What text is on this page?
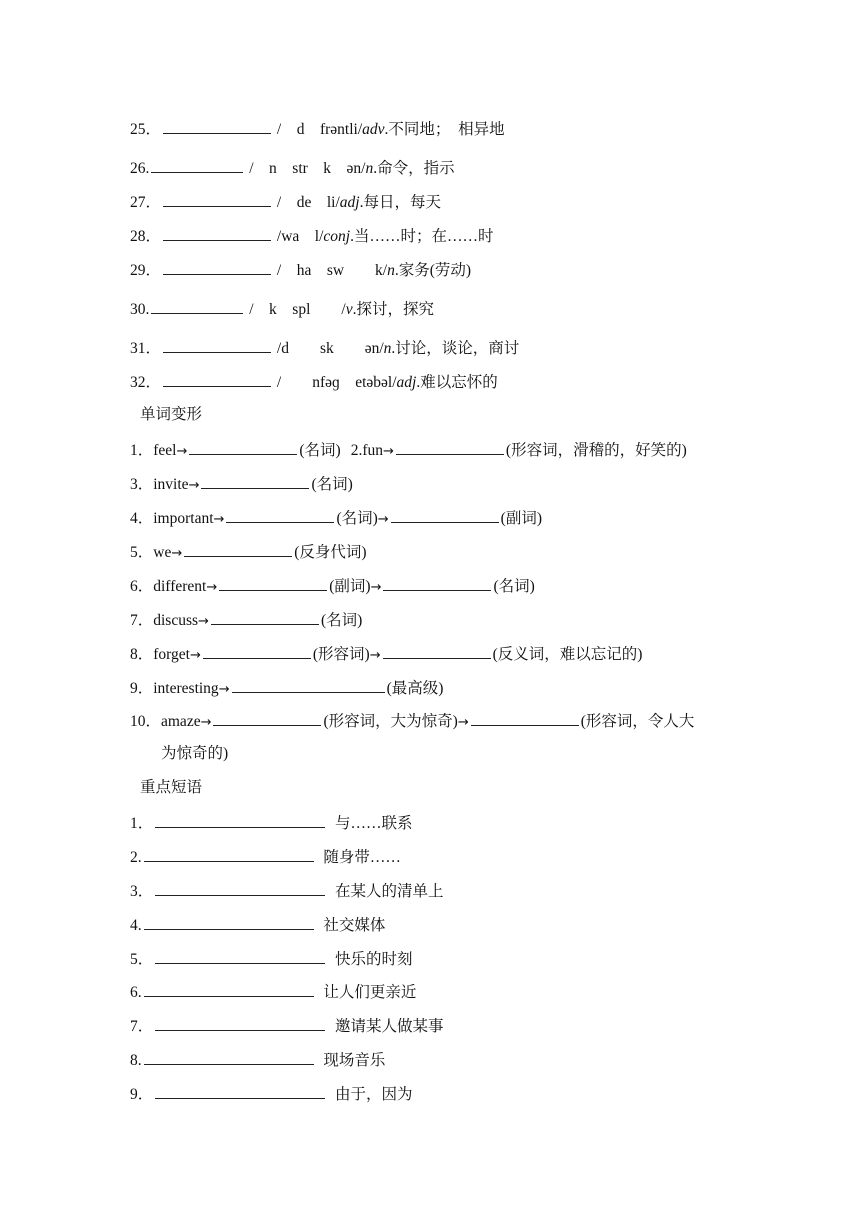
25．	/　d　frəntli/adv.不同地；　相异地
26.	/　n　str　k　ən/n.命令，指示
27．	/　de　li/adj.每日，每天
28．	/wa　l/conj.当……时；在……时
29．	/　ha　sw　　k/n.家务(劳动)
30.	/　k　spl　　/v.探讨，探究
31．	/d　　sk　　ən/n.讨论，谈论，商讨
32．	/　　nfəɡ　etəbəl/adj.难以忘怀的
单词变形
1．feel→	(名词) 2.fun→	(形容词，滑稽的，好笑的)
3．invite→	(名词)
4．important→	(名词)→	(副词)
5．we→	(反身代词)
6．different→	(副词)→	(名词)
7．discuss→	(名词)
8．forget→	(形容词)→	(反义词，难以忘记的)
9．interesting→	(最高级)
10．amaze→	(形容词，大为惊奇)→	(形容词，令人大
为惊奇的)
重点短语
1．	与……联系
2.	随身带……
3．	在某人的清单上
4.	社交媒体
5．	快乐的时刻
6.	让人们更亲近
7．	邀请某人做某事
8.	现场音乐
9．	由于，因为
